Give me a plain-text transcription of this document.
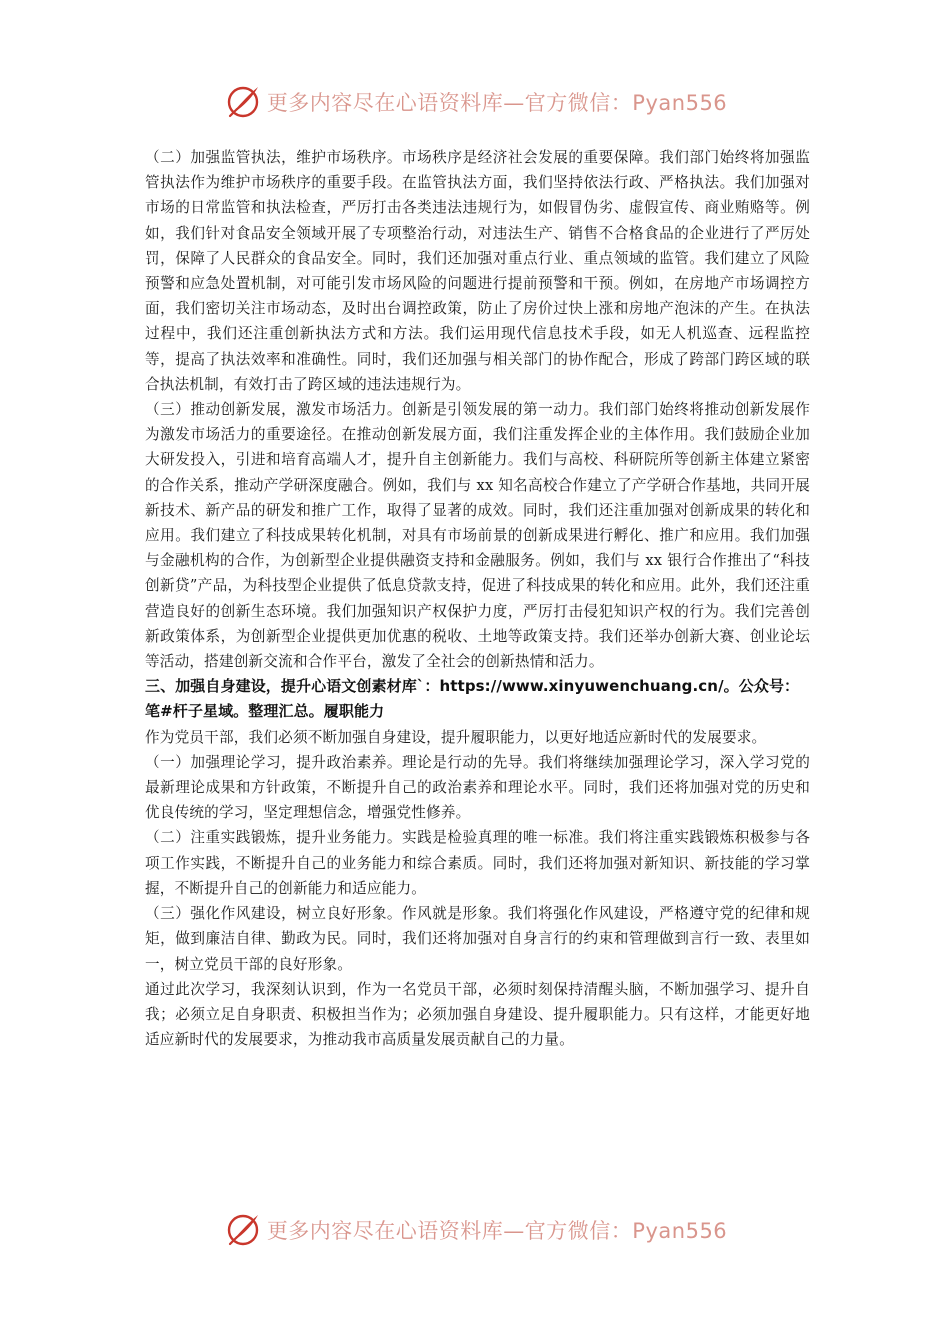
更多内容尽在心语资料库—官方微信：Pyan556

（二）加强监管执法，维护市场秩序。市场秩序是经济社会发展的重要保障。我们部门始终将加强监管执法作为维护市场秩序的重要手段。在监管执法方面，我们坚持依法行政、严格执法。我们加强对市场的日常监管和执法检查，严厉打击各类违法违规行为，如假冒伪劣、虚假宣传、商业贿赂等。例如，我们针对食品安全领域开展了专项整治行动，对违法生产、销售不合格食品的企业进行了严厉处罚，保障了人民群众的食品安全。同时，我们还加强对重点行业、重点领域的监管。我们建立了风险预警和应急处置机制，对可能引发市场风险的问题进行提前预警和干预。例如，在房地产市场调控方面，我们密切关注市场动态，及时出台调控政策，防止了房价过快上涨和房地产泡沫的产生。在执法过程中，我们还注重创新执法方式和方法。我们运用现代信息技术手段，如无人机巡查、远程监控等，提高了执法效率和准确性。同时，我们还加强与相关部门的协作配合，形成了跨部门跨区域的联合执法机制，有效打击了跨区域的违法违规行为。

（三）推动创新发展，激发市场活力。创新是引领发展的第一动力。我们部门始终将推动创新发展作为激发市场活力的重要途径。在推动创新发展方面，我们注重发挥企业的主体作用。我们鼓励企业加大研发投入，引进和培育高端人才，提升自主创新能力。我们与高校、科研院所等创新主体建立紧密的合作关系，推动产学研深度融合。例如，我们与 xx 知名高校合作建立了产学研合作基地，共同开展新技术、新产品的研发和推广工作，取得了显著的成效。同时，我们还注重加强对创新成果的转化和应用。我们建立了科技成果转化机制，对具有市场前景的创新成果进行孵化、推广和应用。我们加强与金融机构的合作，为创新型企业提供融资支持和金融服务。例如，我们与 xx 银行合作推出了“科技创新贷”产品，为科技型企业提供了低息贷款支持，促进了科技成果的转化和应用。此外，我们还注重营造良好的创新生态环境。我们加强知识产权保护力度，严厉打击侵犯知识产权的行为。我们完善创新政策体系，为创新型企业提供更加优惠的税收、土地等政策支持。我们还举办创新大赛、创业论坛等活动，搭建创新交流和合作平台，激发了全社会的创新热情和活力。

三、加强自身建设，提升心语文创素材库`：https://www.xinyuwenchuang.cn/。公众号：笔#杆子星域。整理汇总。履职能力

作为党员干部，我们必须不断加强自身建设，提升履职能力，以更好地适应新时代的发展要求。

（一）加强理论学习，提升政治素养。理论是行动的先导。我们将继续加强理论学习，深入学习党的最新理论成果和方针政策，不断提升自己的政治素养和理论水平。同时，我们还将加强对党的历史和优良传统的学习，坚定理想信念，增强党性修养。

（二）注重实践锻炼，提升业务能力。实践是检验真理的唯一标准。我们将注重实践锻炼积极参与各项工作实践，不断提升自己的业务能力和综合素质。同时，我们还将加强对新知识、新技能的学习掌握，不断提升自己的创新能力和适应能力。

（三）强化作风建设，树立良好形象。作风就是形象。我们将强化作风建设，严格遵守党的纪律和规矩，做到廉洁自律、勤政为民。同时，我们还将加强对自身言行的约束和管理做到言行一致、表里如一，树立党员干部的良好形象。

通过此次学习，我深刻认识到，作为一名党员干部，必须时刻保持清醒头脑，不断加强学习、提升自我；必须立足自身职责、积极担当作为；必须加强自身建设、提升履职能力。只有这样，才能更好地适应新时代的发展要求，为推动我市高质量发展贡献自己的力量。

更多内容尽在心语资料库—官方微信：Pyan556
